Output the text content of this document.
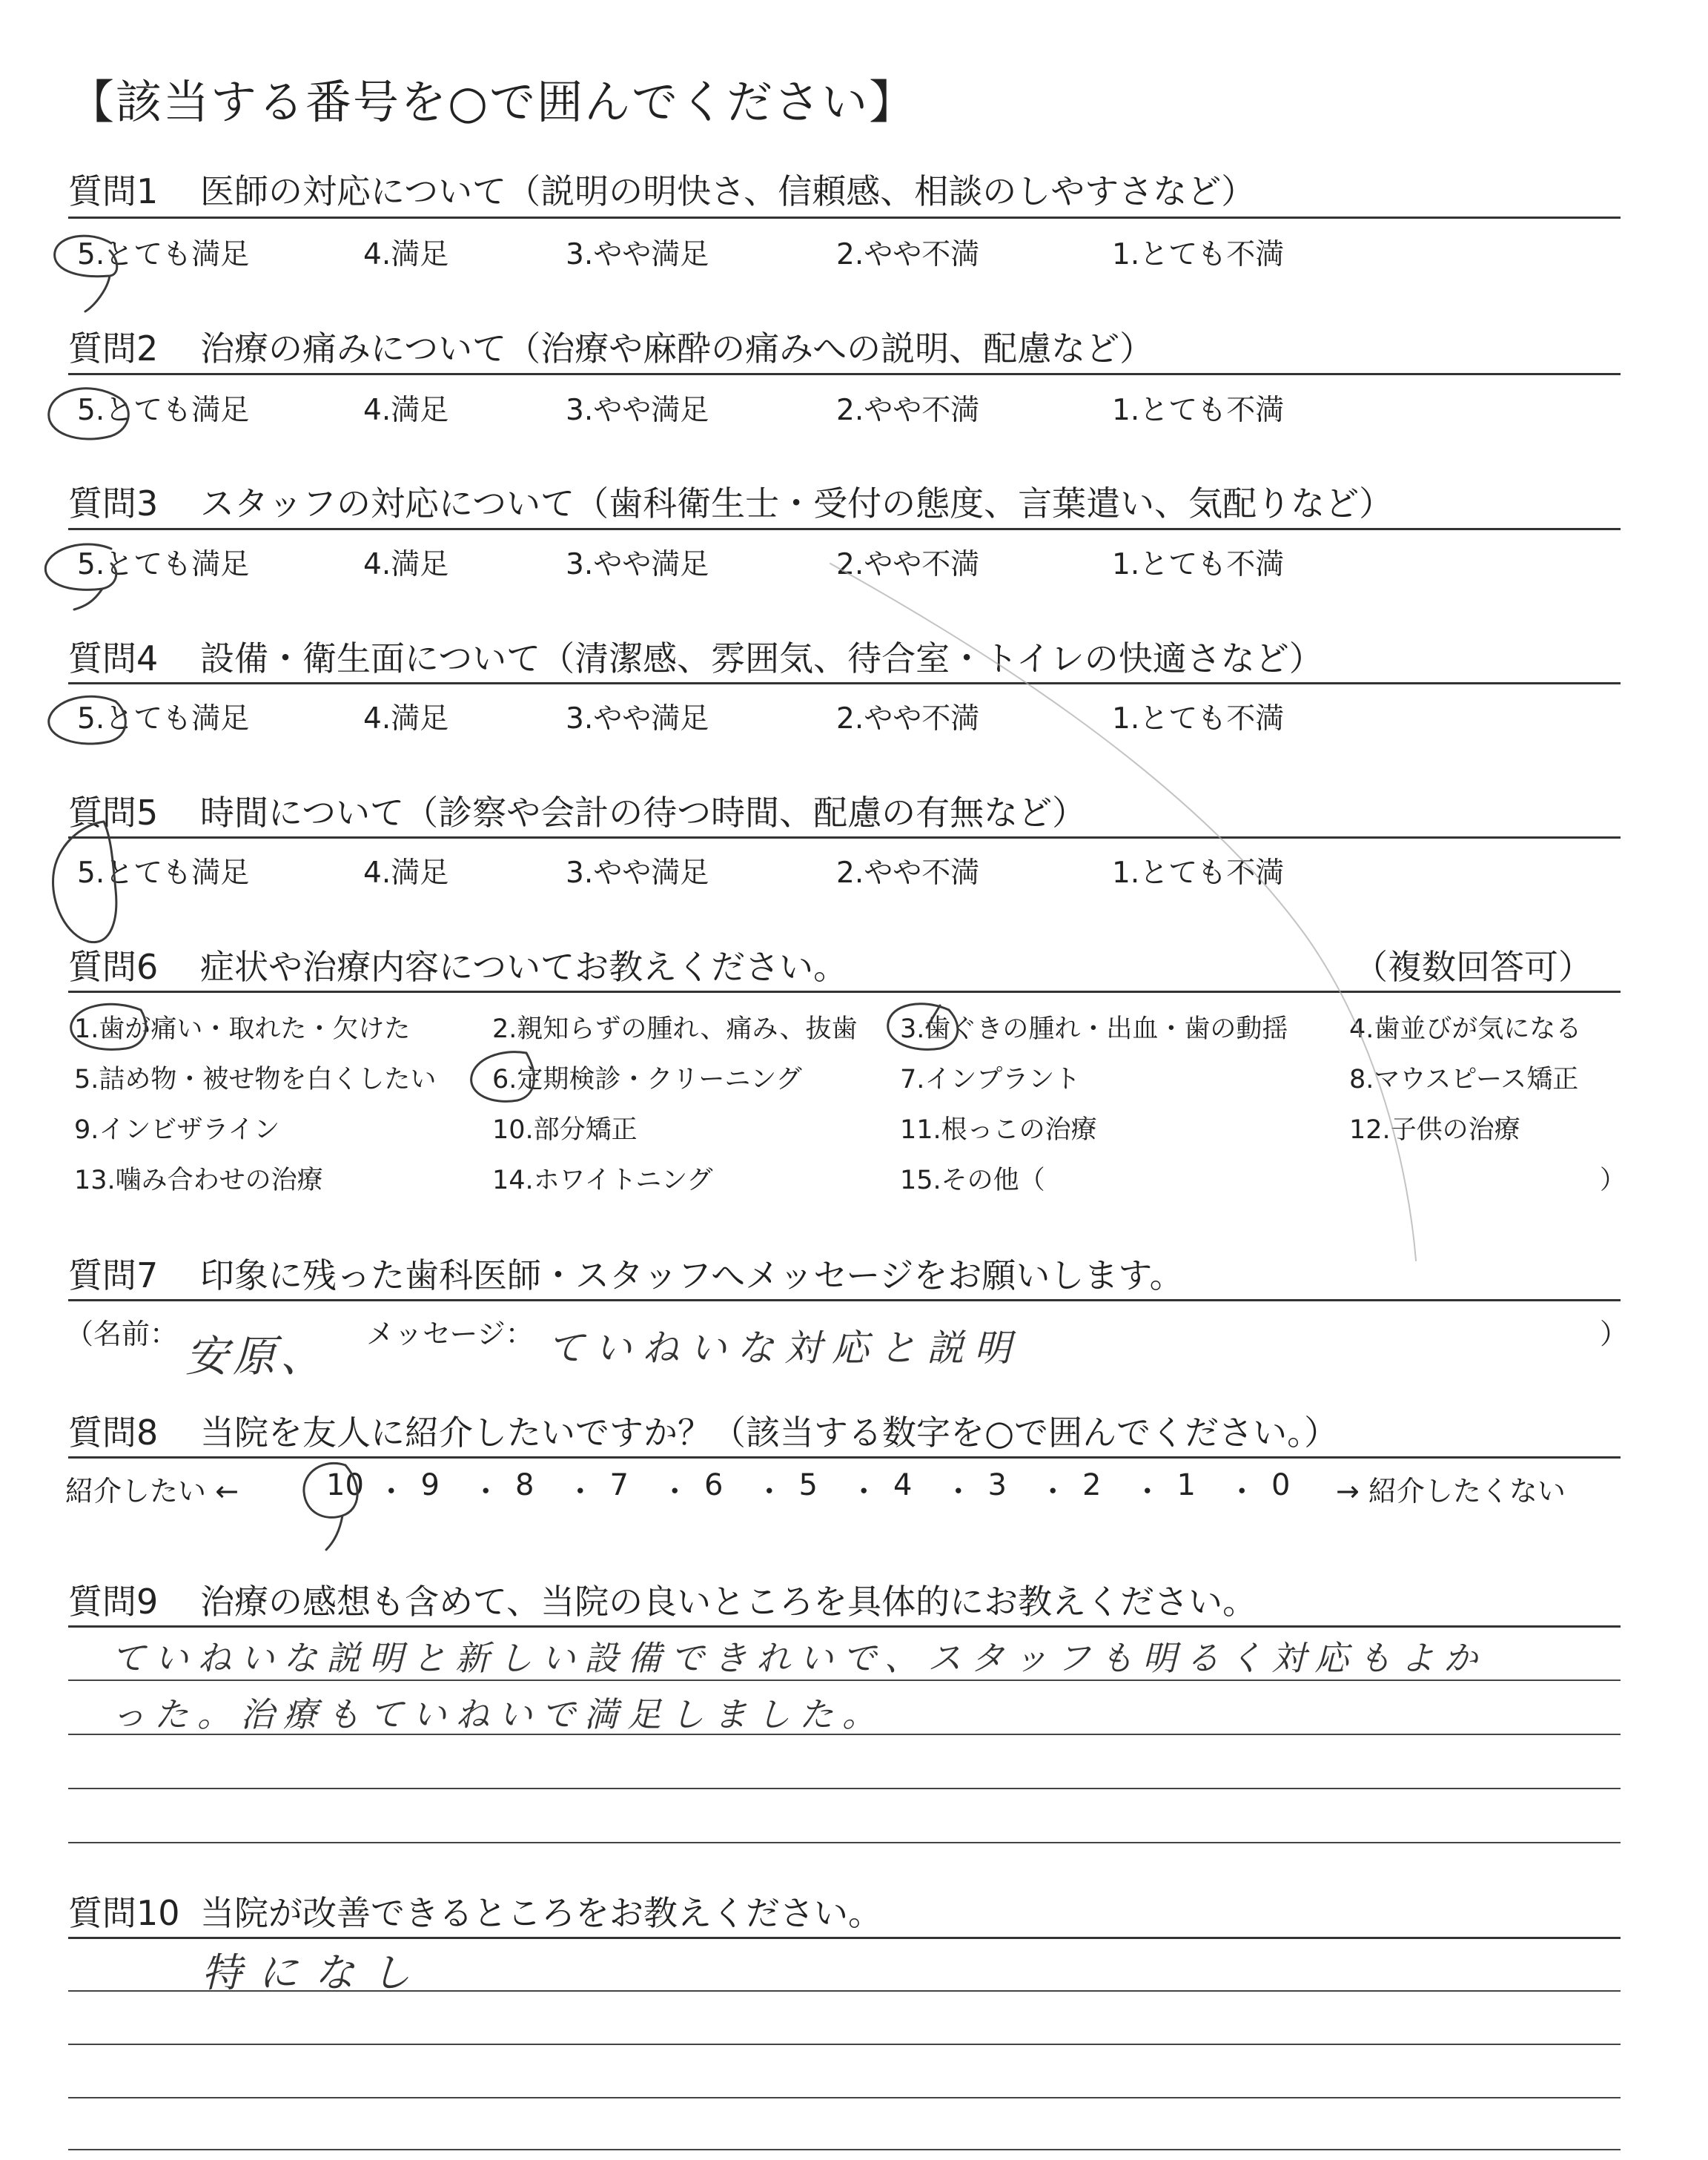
【該当する番号を○で囲んでください】
質問1 医師の対応について（説明の明快さ、信頼感、相談のしやすさなど）
5.とても満足	4.満足	3.やや満足	2.やや不満	1.とても不満
質問2 治療の痛みについて（治療や麻酔の痛みへの説明、配慮など）
5.とても満足	4.満足	3.やや満足	2.やや不満	1.とても不満
質問3 スタッフの対応について（歯科衛生士・受付の態度、言葉遣い、気配りなど）
5.とても満足	4.満足	3.やや満足	2.やや不満	1.とても不満
質問4 設備・衛生面について（清潔感、雰囲気、待合室・トイレの快適さなど）
5.とても満足	4.満足	3.やや満足	2.やや不満	1.とても不満
質問5 時間について（診察や会計の待つ時間、配慮の有無など）
5.とても満足	4.満足	3.やや満足	2.やや不満	1.とても不満
質問6 症状や治療内容についてお教えください。	（複数回答可）
1.歯が痛い・取れた・欠けた	2.親知らずの腫れ、痛み、抜歯 3.歯ぐきの腫れ・出血・歯の動揺 4.歯並びが気になる
5.詰め物・被せ物を白くしたい 6.定期検診・クリーニング	7.インプラント	8.マウスピース矯正
9.インビザライン	10.部分矯正	11.根っこの治療	12.子供の治療
13.噛み合わせの治療	14.ホワイトニング	15.その他（	）
質問7 印象に残った歯科医師・スタッフへメッセージをお願いします。
（名前： 安原、 メッセージ： ていねいな対応と説明	）
質問8 当院を友人に紹介したいですか？（該当する数字を○で囲んでください。）
紹介したい ←	→ 紹介したくない
10 ・ 9 ・ 8 ・ 7 ・ 6 ・ 5 ・ 4 ・ 3 ・ 2 ・ 1 ・ 0
質問9 治療の感想も含めて、当院の良いところを具体的にお教えください。
ていねいな説明と新しい設備できれいで、スタッフも明るく対応もよかった。治療もていねいで満足しました。
質問10 当院が改善できるところをお教えください。
特になし
